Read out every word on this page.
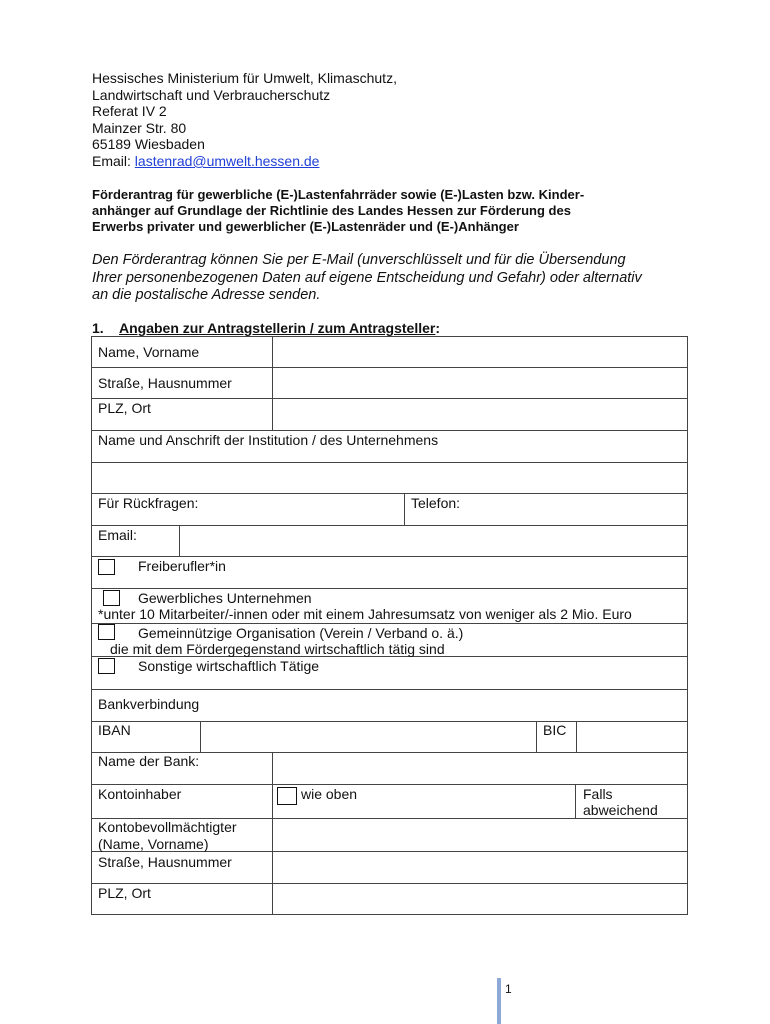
Hessisches Ministerium für Umwelt, Klimaschutz,
Landwirtschaft und Verbraucherschutz
Referat IV 2
Mainzer Str. 80
65189 Wiesbaden
Email: lastenrad@umwelt.hessen.de
Förderantrag für gewerbliche (E-)Lastenfahrräder sowie (E-)Lasten bzw. Kinder-
anhänger auf Grundlage der Richtlinie des Landes Hessen zur Förderung des
Erwerbs privater und gewerblicher (E-)Lastenräder und (E-)Anhänger
Den Förderantrag können Sie per E-Mail (unverschlüsselt und für die Übersendung
Ihrer personenbezogenen Daten auf eigene Entscheidung und Gefahr) oder alternativ
an die postalische Adresse senden.
1. Angaben zur Antragstellerin / zum Antragsteller:
Name, Vorname
Straße, Hausnummer
PLZ, Ort
Name und Anschrift der Institution / des Unternehmens
Für Rückfragen:	Telefon:
Email:
Freiberufler*in
Gewerbliches Unternehmen
*unter 10 Mitarbeiter/-innen oder mit einem Jahresumsatz von weniger als 2 Mio. Euro
Gemeinnützige Organisation (Verein / Verband o. ä.)
die mit dem Fördergegenstand wirtschaftlich tätig sind
Sonstige wirtschaftlich Tätige
Bankverbindung
IBAN	BIC
Name der Bank:
Kontoinhaber	wie oben	Falls
abweichend
Kontobevollmächtigter
(Name, Vorname)
Straße, Hausnummer
PLZ, Ort
1
